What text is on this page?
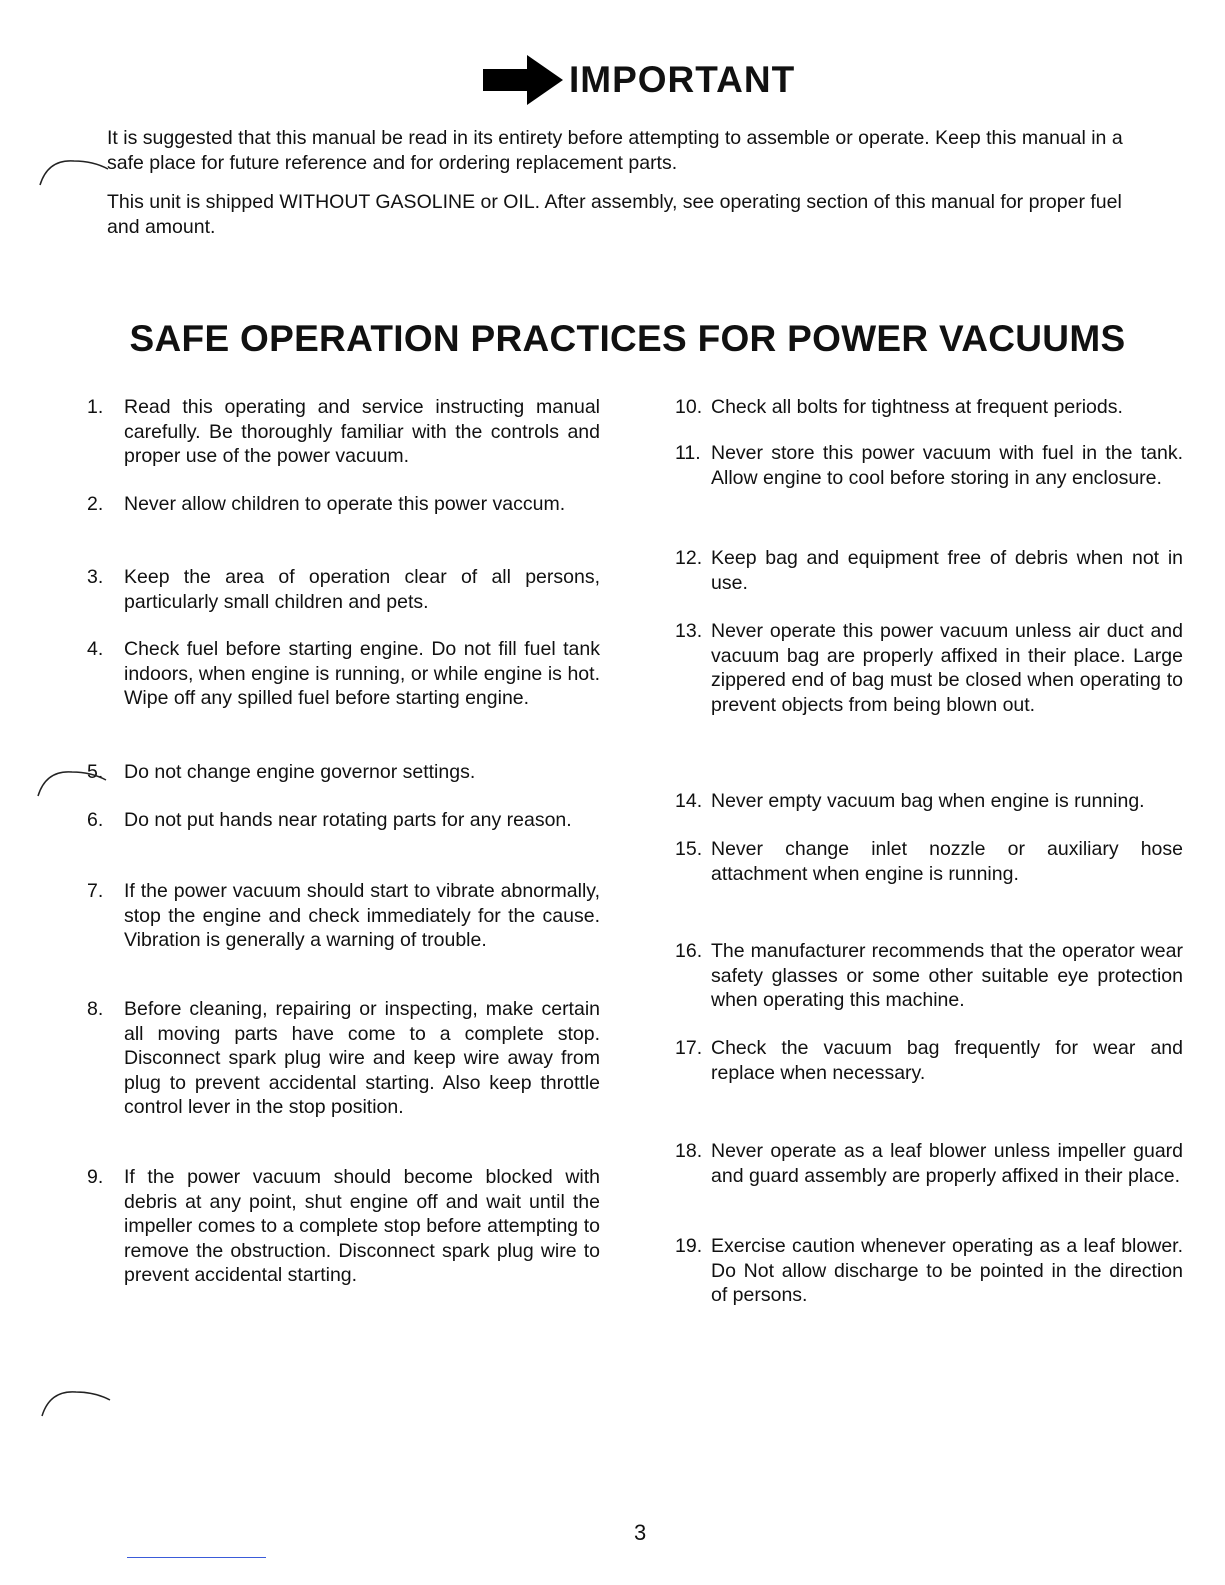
IMPORTANT
It is suggested that this manual be read in its entirety before attempting to assemble or operate. Keep this manual in a safe place for future reference and for ordering replacement parts.
This unit is shipped WITHOUT GASOLINE or OIL. After assembly, see operating section of this manual for proper fuel and amount.
SAFE OPERATION PRACTICES FOR POWER VACUUMS
1. Read this operating and service instructing manual carefully. Be thoroughly familiar with the controls and proper use of the power vacuum.
2. Never allow children to operate this power vaccum.
3. Keep the area of operation clear of all persons, particularly small children and pets.
4. Check fuel before starting engine. Do not fill fuel tank indoors, when engine is running, or while engine is hot. Wipe off any spilled fuel before starting engine.
5. Do not change engine governor settings.
6. Do not put hands near rotating parts for any reason.
7. If the power vacuum should start to vibrate abnormally, stop the engine and check immediately for the cause. Vibration is generally a warning of trouble.
8. Before cleaning, repairing or inspecting, make certain all moving parts have come to a complete stop. Disconnect spark plug wire and keep wire away from plug to prevent accidental starting. Also keep throttle control lever in the stop position.
9. If the power vacuum should become blocked with debris at any point, shut engine off and wait until the impeller comes to a complete stop before attempting to remove the obstruction. Disconnect spark plug wire to prevent accidental starting.
10. Check all bolts for tightness at frequent periods.
11. Never store this power vacuum with fuel in the tank. Allow engine to cool before storing in any enclosure.
12. Keep bag and equipment free of debris when not in use.
13. Never operate this power vacuum unless air duct and vacuum bag are properly affixed in their place. Large zippered end of bag must be closed when operating to prevent objects from being blown out.
14. Never empty vacuum bag when engine is running.
15. Never change inlet nozzle or auxiliary hose attachment when engine is running.
16. The manufacturer recommends that the operator wear safety glasses or some other suitable eye protection when operating this machine.
17. Check the vacuum bag frequently for wear and replace when necessary.
18. Never operate as a leaf blower unless impeller guard and guard assembly are properly affixed in their place.
19. Exercise caution whenever operating as a leaf blower. Do Not allow discharge to be pointed in the direction of persons.
3
